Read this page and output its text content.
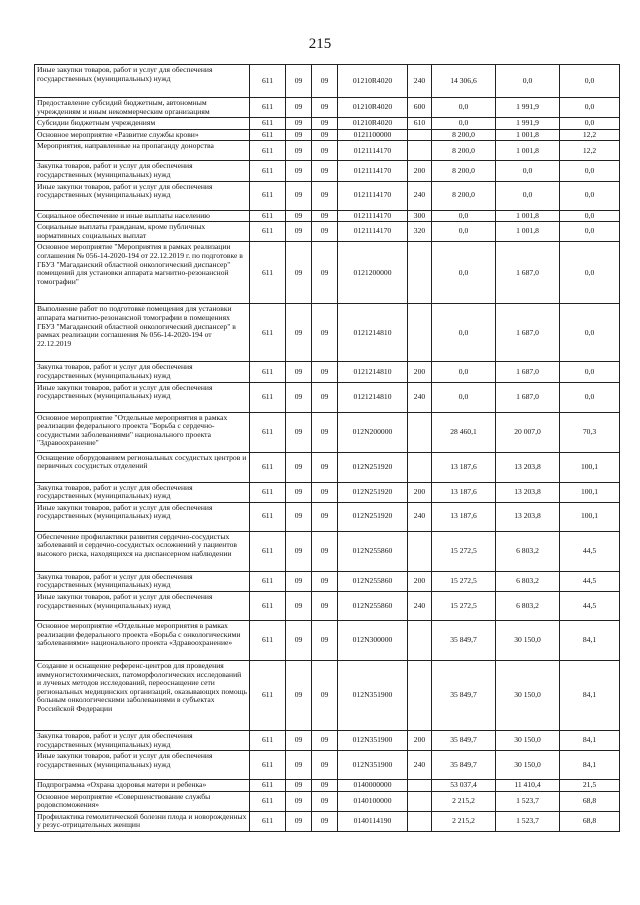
215
Иные закупки товаров, работ и услуг для обеспечения государственных (муниципальных) нужд	611	09	09	01210R4020	240	14 306,6	0,0	0,0
Предоставление субсидий бюджетным, автономным учреждениям и иным некоммерческим организациям	611	09	09	01210R4020	600	0,0	1 991,9	0,0
Субсидии бюджетным учреждениям	611	09	09	01210R4020	610	0,0	1 991,9	0,0
Основное мероприятие «Развитие службы крови»	611	09	09	0121100000		8 200,0	1 001,8	12,2
Мероприятия, направленные на пропаганду донорства	611	09	09	0121114170		8 200,0	1 001,8	12,2
Закупка товаров, работ и услуг для обеспечения государственных (муниципальных) нужд	611	09	09	0121114170	200	8 200,0	0,0	0,0
Иные закупки товаров, работ и услуг для обеспечения государственных (муниципальных) нужд	611	09	09	0121114170	240	8 200,0	0,0	0,0
Социальное обеспечение и иные выплаты населению	611	09	09	0121114170	300	0,0	1 001,8	0,0
Социальные выплаты гражданам, кроме публичных нормативных социальных выплат	611	09	09	0121114170	320	0,0	1 001,8	0,0
Основное мероприятие "Мероприятия в рамках реализации соглашения № 056-14-2020-194 от 22.12.2019 г. по подготовке в ГБУЗ "Магаданский областной онкологический диспансер" помещений для установки аппарата магнитно-резонансной томографии"	611	09	09	0121200000		0,0	1 687,0	0,0
Выполнение работ по подготовке помещения для установки аппарата магнитно-резонансной томографии в помещениях ГБУЗ "Магаданский областной онкологический диспансер" в рамках реализации соглашения № 056-14-2020-194 от 22.12.2019	611	09	09	0121214810		0,0	1 687,0	0,0
Закупка товаров, работ и услуг для обеспечения государственных (муниципальных) нужд	611	09	09	0121214810	200	0,0	1 687,0	0,0
Иные закупки товаров, работ и услуг для обеспечения государственных (муниципальных) нужд	611	09	09	0121214810	240	0,0	1 687,0	0,0
Основное мероприятие "Отдельные мероприятия в рамках реализации федерального проекта "Борьба с сердечно-сосудистыми заболеваниями" национального проекта "Здравоохранение"	611	09	09	012N200000		28 460,1	20 007,0	70,3
Оснащение оборудованием региональных сосудистых центров и первичных сосудистых отделений	611	09	09	012N251920		13 187,6	13 203,8	100,1
Закупка товаров, работ и услуг для обеспечения государственных (муниципальных) нужд	611	09	09	012N251920	200	13 187,6	13 203,8	100,1
Иные закупки товаров, работ и услуг для обеспечения государственных (муниципальных) нужд	611	09	09	012N251920	240	13 187,6	13 203,8	100,1
Обеспечение профилактики развития сердечно-сосудистых заболеваний и сердечно-сосудистых осложнений у пациентов высокого риска, находящихся на диспансерном наблюдении	611	09	09	012N255860		15 272,5	6 803,2	44,5
Закупка товаров, работ и услуг для обеспечения государственных (муниципальных) нужд	611	09	09	012N255860	200	15 272,5	6 803,2	44,5
Иные закупки товаров, работ и услуг для обеспечения государственных (муниципальных) нужд	611	09	09	012N255860	240	15 272,5	6 803,2	44,5
Основное мероприятие «Отдельные мероприятия в рамках реализации федерального проекта «Борьба с онкологическими заболеваниями» национального проекта «Здравоохранение»	611	09	09	012N300000		35 849,7	30 150,0	84,1
Создание и оснащение референс-центров для проведения иммуногистохимических, патоморфологических исследований и лучевых методов исследований, переоснащение сети региональных медицинских организаций, оказывающих помощь больным онкологическими заболеваниями в субъектах Российской Федерации	611	09	09	012N351900		35 849,7	30 150,0	84,1
Закупка товаров, работ и услуг для обеспечения государственных (муниципальных) нужд	611	09	09	012N351900	200	35 849,7	30 150,0	84,1
Иные закупки товаров, работ и услуг для обеспечения государственных (муниципальных) нужд	611	09	09	012N351900	240	35 849,7	30 150,0	84,1
Подпрограмма «Охрана здоровья матери и ребенка»	611	09	09	0140000000		53 037,4	11 410,4	21,5
Основное мероприятие «Совершенствование службы родовспоможения»	611	09	09	0140100000		2 215,2	1 523,7	68,8
Профилактика гемолитической болезни плода и новорожденных у резус-отрицательных женщин	611	09	09	0140114190		2 215,2	1 523,7	68,8
